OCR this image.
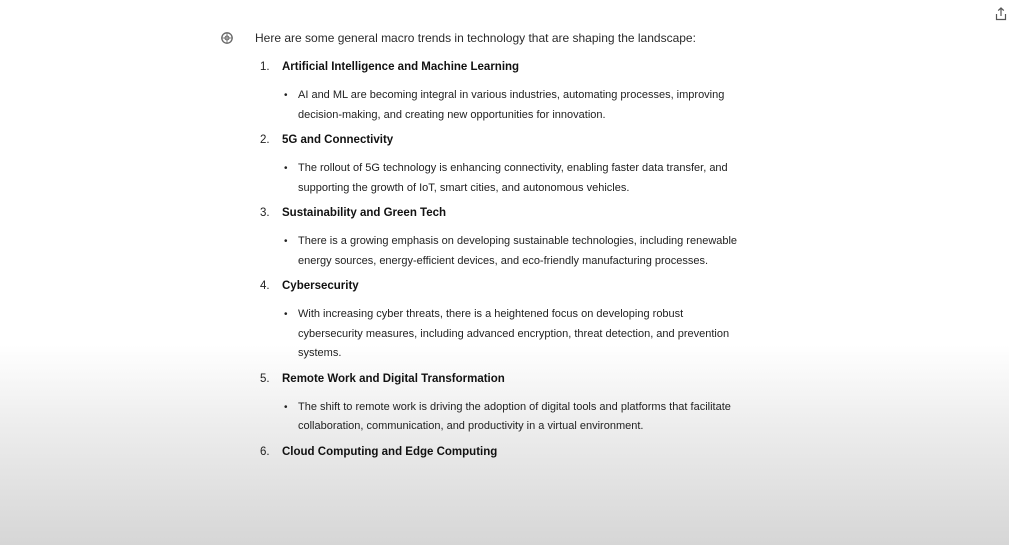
Here are some general macro trends in technology that are shaping the landscape:

1.	Artificial Intelligence and Machine Learning
• AI and ML are becoming integral in various industries, automating processes, improving decision-making, and creating new opportunities for innovation.
2.	5G and Connectivity
• The rollout of 5G technology is enhancing connectivity, enabling faster data transfer, and supporting the growth of IoT, smart cities, and autonomous vehicles.
3.	Sustainability and Green Tech
• There is a growing emphasis on developing sustainable technologies, including renewable energy sources, energy-efficient devices, and eco-friendly manufacturing processes.
4.	Cybersecurity
• With increasing cyber threats, there is a heightened focus on developing robust cybersecurity measures, including advanced encryption, threat detection, and prevention systems.
5.	Remote Work and Digital Transformation
• The shift to remote work is driving the adoption of digital tools and platforms that facilitate collaboration, communication, and productivity in a virtual environment.
6.	Cloud Computing and Edge Computing
